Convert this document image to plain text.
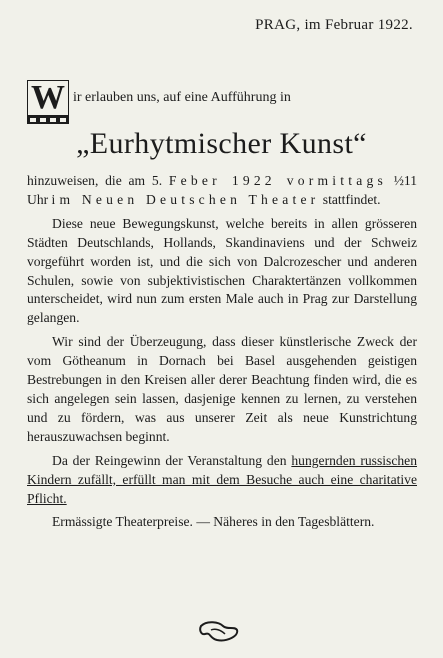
PRAG, im Februar 1922.
W ir erlauben uns, auf eine Aufführung in
„Eurhytmischer Kunst“

hinzuweisen, die am 5. Feber 1922 vormittags ½11 Uhr im Neuen Deutschen Theater stattfindet.

Diese neue Bewegungskunst, welche bereits in allen grösseren Städten Deutschlands, Hollands, Skandinaviens und der Schweiz vorgeführt worden ist, und die sich von Dalcrozescher und anderen Schulen, sowie von subjektivistischen Charaktertänzen vollkommen unterscheidet, wird nun zum ersten Male auch in Prag zur Darstellung gelangen.

Wir sind der Überzeugung, dass dieser künstlerische Zweck der vom Götheanum in Dornach bei Basel ausgehenden geistigen Bestrebungen in den Kreisen aller derer Beachtung finden wird, die es sich angelegen sein lassen, dasjenige kennen zu lernen, zu verstehen und zu fördern, was aus unserer Zeit als neue Kunstrichtung herauszuwachsen beginnt.

Da der Reingewinn der Veranstaltung den hungernden russischen Kindern zufällt, erfüllt man mit dem Besuche auch eine charitative Pflicht.

Ermässigte Theaterpreise. — Näheres in den Tagesblättern.
